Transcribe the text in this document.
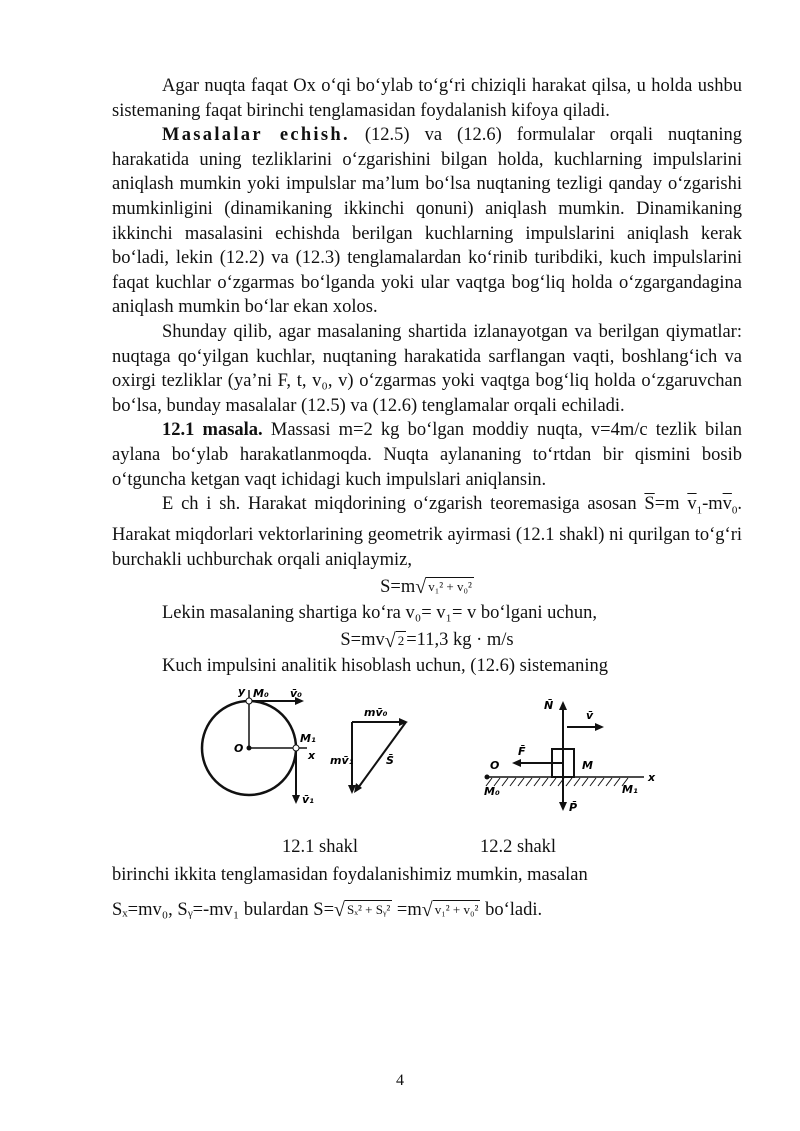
Agar nuqta faqat Ox o‘qi bo‘ylab to‘g‘ri chiziqli harakat qilsa, u holda ushbu sistemaning faqat birinchi tenglamasidan foydalanish kifoya qiladi.

Masalalar echish. (12.5) va (12.6) formulalar orqali nuqtaning harakatida uning tezliklarini o‘zgarishini bilgan holda, kuchlarning impulslarini aniqlash mumkin yoki impulslar ma’lum bo‘lsa nuqtaning tezligi qanday o‘zgarishi mumkinligini (dinamikaning ikkinchi qonuni) aniqlash mumkin. Dinamikaning ikkinchi masalasini echishda berilgan kuchlarning impulslarini aniqlash kerak bo‘ladi, lekin (12.2) va (12.3) tenglamalardan ko‘rinib turibdiki, kuch impulslarini faqat kuchlar o‘zgarmas bo‘lganda yoki ular vaqtga bog‘liq holda o‘zgargandagina aniqlash mumkin bo‘lar ekan xolos.

Shunday qilib, agar masalaning shartida izlanayotgan va berilgan qiymatlar: nuqtaga qo‘yilgan kuchlar, nuqtaning harakatida sarflangan vaqti, boshlang‘ich va oxirgi tezliklar (ya’ni F, t, v₀, v) o‘zgarmas yoki vaqtga bog‘liq holda o‘zgaruvchan bo‘lsa, bunday masalalar (12.5) va (12.6) tenglamalar orqali echiladi.

12.1 masala. Massasi m=2 kg bo‘lgan moddiy nuqta, v=4m/c tezlik bilan aylana bo‘ylab harakatlanmoqda. Nuqta aylananing to‘rtdan bir qismini bosib o‘tguncha ketgan vaqt ichidagi kuch impulslari aniqlansin.

E ch i sh. Harakat miqdorining o‘zgarish teoremasiga asosan $\overline{S}=m$ $\overline{v}_1-m\overline{v}_0$. Harakat miqdorlari vektorlarining geometrik ayirmasi (12.1 shakl) ni qurilgan to‘g‘ri burchakli uchburchak orqali aniqlaymiz,

S=m √ v₁² + v₀²

Lekin masalaning shartiga ko‘ra v₀= v₁= v bo‘lgani uchun,

S=mv √ 2 =11,3 kg · m/s

Kuch impulsini analitik hisoblash uchun, (12.6) sistemaning

y M₀ v̄₀
O
M₁
x
v̄₁
mv̄₀
mv̄₁	S̄
N̄
v̄
F̄
O	M
M₀
P̄
M₁
x
12.1 shakl	12.2 shakl

birinchi ikkita tenglamasidan foydalanishimiz mumkin, masalan

Sₓ=mv₀, Sᵧ=-mv₁ bulardan S= √ Sₓ² + Sᵧ² =m √ v₁² + v₀² bo‘ladi.

4
